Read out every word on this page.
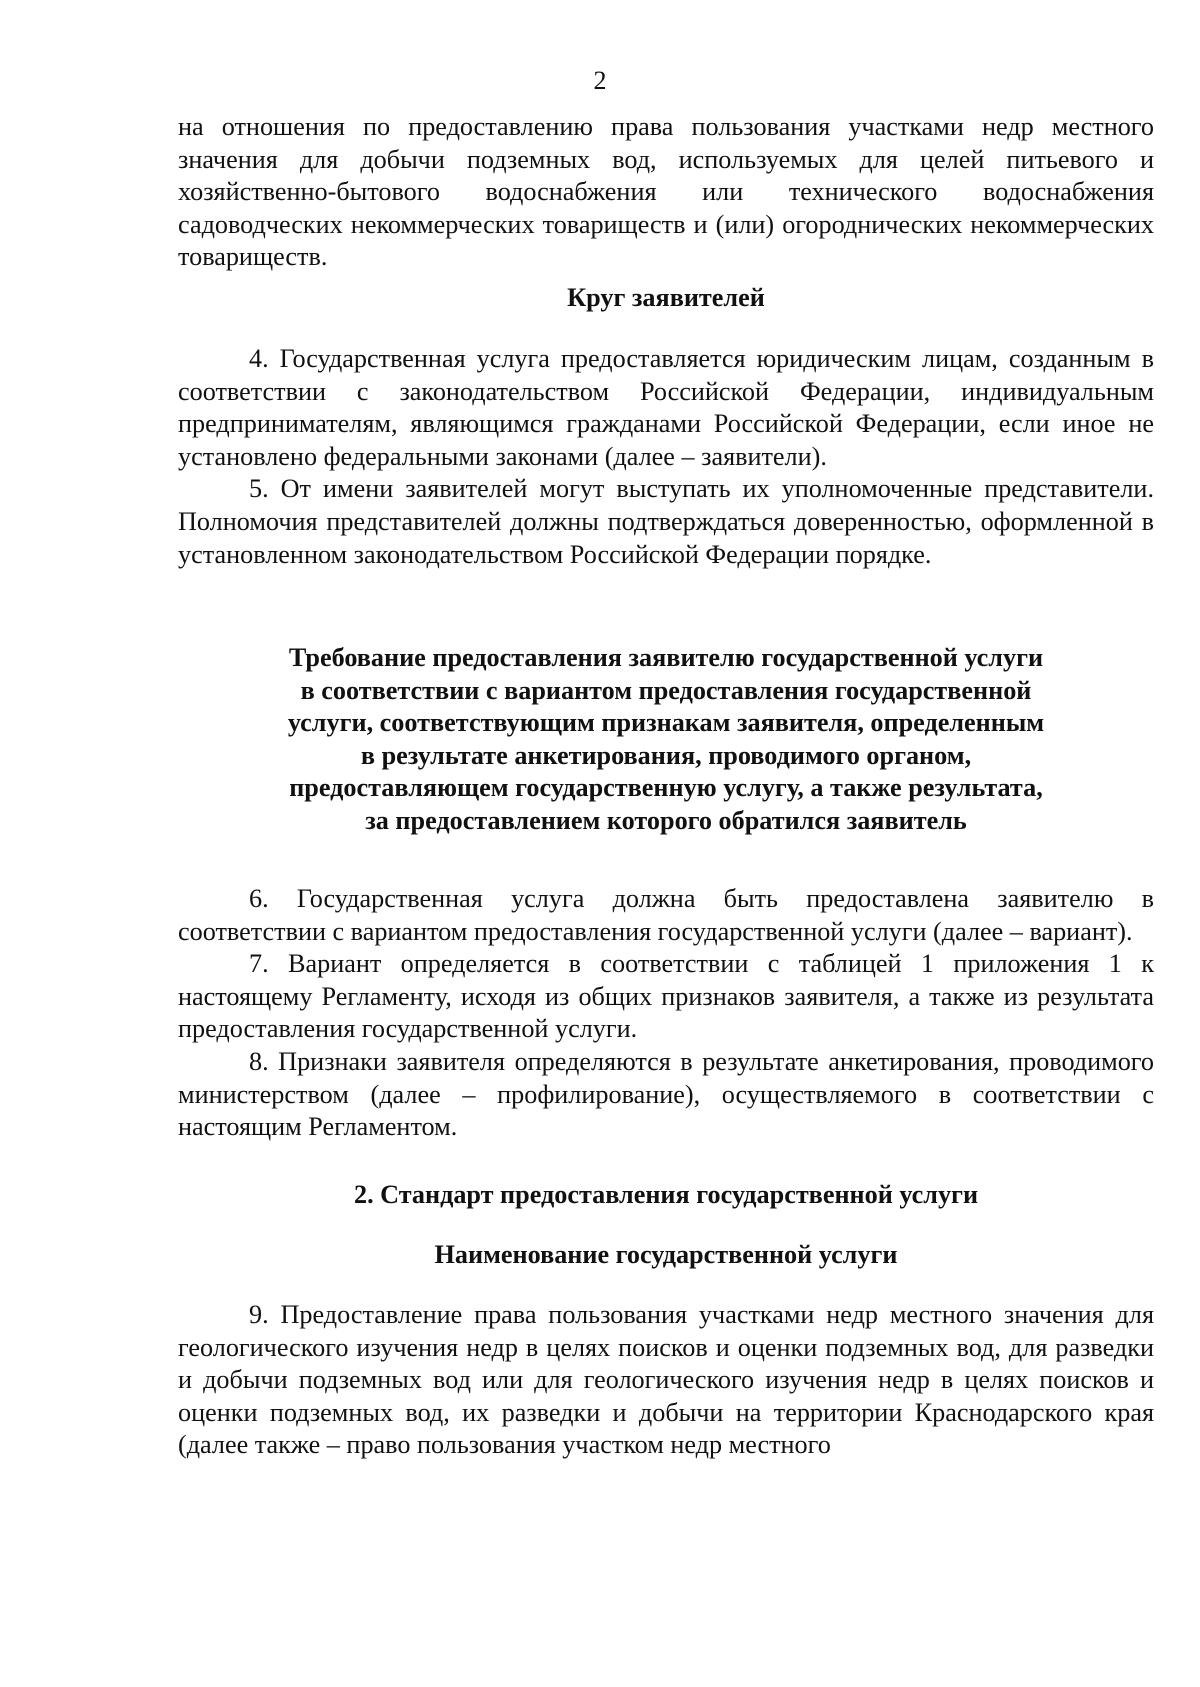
2

на отношения по предоставлению права пользования участками недр местного значения для добычи подземных вод, используемых для целей питьевого и хозяйственно-бытового водоснабжения или технического водоснабжения садоводческих некоммерческих товариществ и (или) огороднических некоммерческих товариществ.

Круг заявителей

4. Государственная услуга предоставляется юридическим лицам, созданным в соответствии с законодательством Российской Федерации, индивидуальным предпринимателям, являющимся гражданами Российской Федерации, если иное не установлено федеральными законами (далее – заявители).

5. От имени заявителей могут выступать их уполномоченные представители. Полномочия представителей должны подтверждаться доверенностью, оформленной в установленном законодательством Российской Федерации порядке.

Требование предоставления заявителю государственной услуги в соответствии с вариантом предоставления государственной услуги, соответствующим признакам заявителя, определенным в результате анкетирования, проводимого органом, предоставляющем государственную услугу, а также результата, за предоставлением которого обратился заявитель

6. Государственная услуга должна быть предоставлена заявителю в соответствии с вариантом предоставления государственной услуги (далее – вариант).

7. Вариант определяется в соответствии с таблицей 1 приложения 1 к настоящему Регламенту, исходя из общих признаков заявителя, а также из результата предоставления государственной услуги.

8. Признаки заявителя определяются в результате анкетирования, проводимого министерством (далее – профилирование), осуществляемого в соответствии с настоящим Регламентом.

2. Стандарт предоставления государственной услуги

Наименование государственной услуги

9. Предоставление права пользования участками недр местного значения для геологического изучения недр в целях поисков и оценки подземных вод, для разведки и добычи подземных вод или для геологического изучения недр в целях поисков и оценки подземных вод, их разведки и добычи на территории Краснодарского края (далее также – право пользования участком недр местного
